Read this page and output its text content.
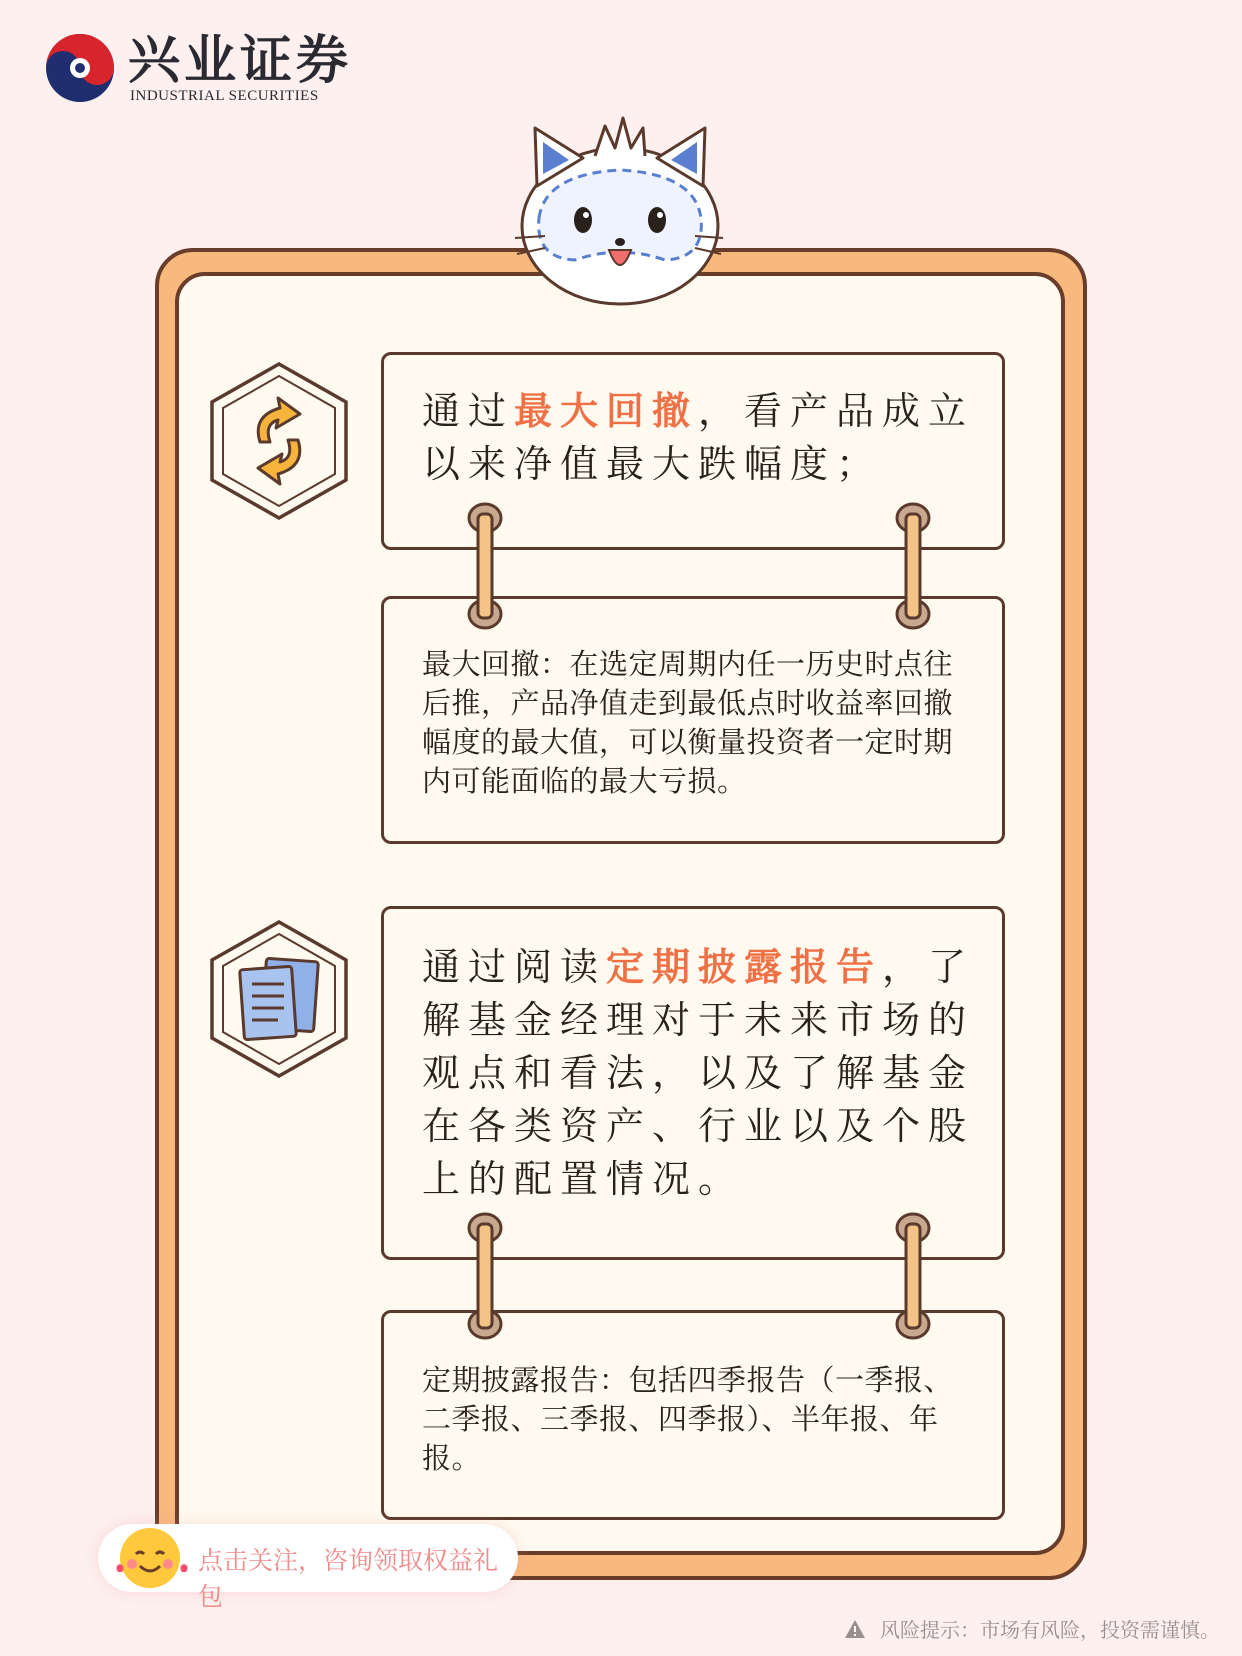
兴业证券
INDUSTRIAL SECURITIES
通过最大回撤，看产品成立以来净值最大跌幅度；
最大回撤：在选定周期内任一历史时点往后推，产品净值走到最低点时收益率回撤幅度的最大值，可以衡量投资者一定时期内可能面临的最大亏损。
通过阅读定期披露报告，了解基金经理对于未来市场的观点和看法，以及了解基金在各类资产、行业以及个股上的配置情况。
定期披露报告：包括四季报告（一季报、二季报、三季报、四季报）、半年报、年报。
点击关注，咨询领取权益礼包
风险提示：市场有风险，投资需谨慎。
